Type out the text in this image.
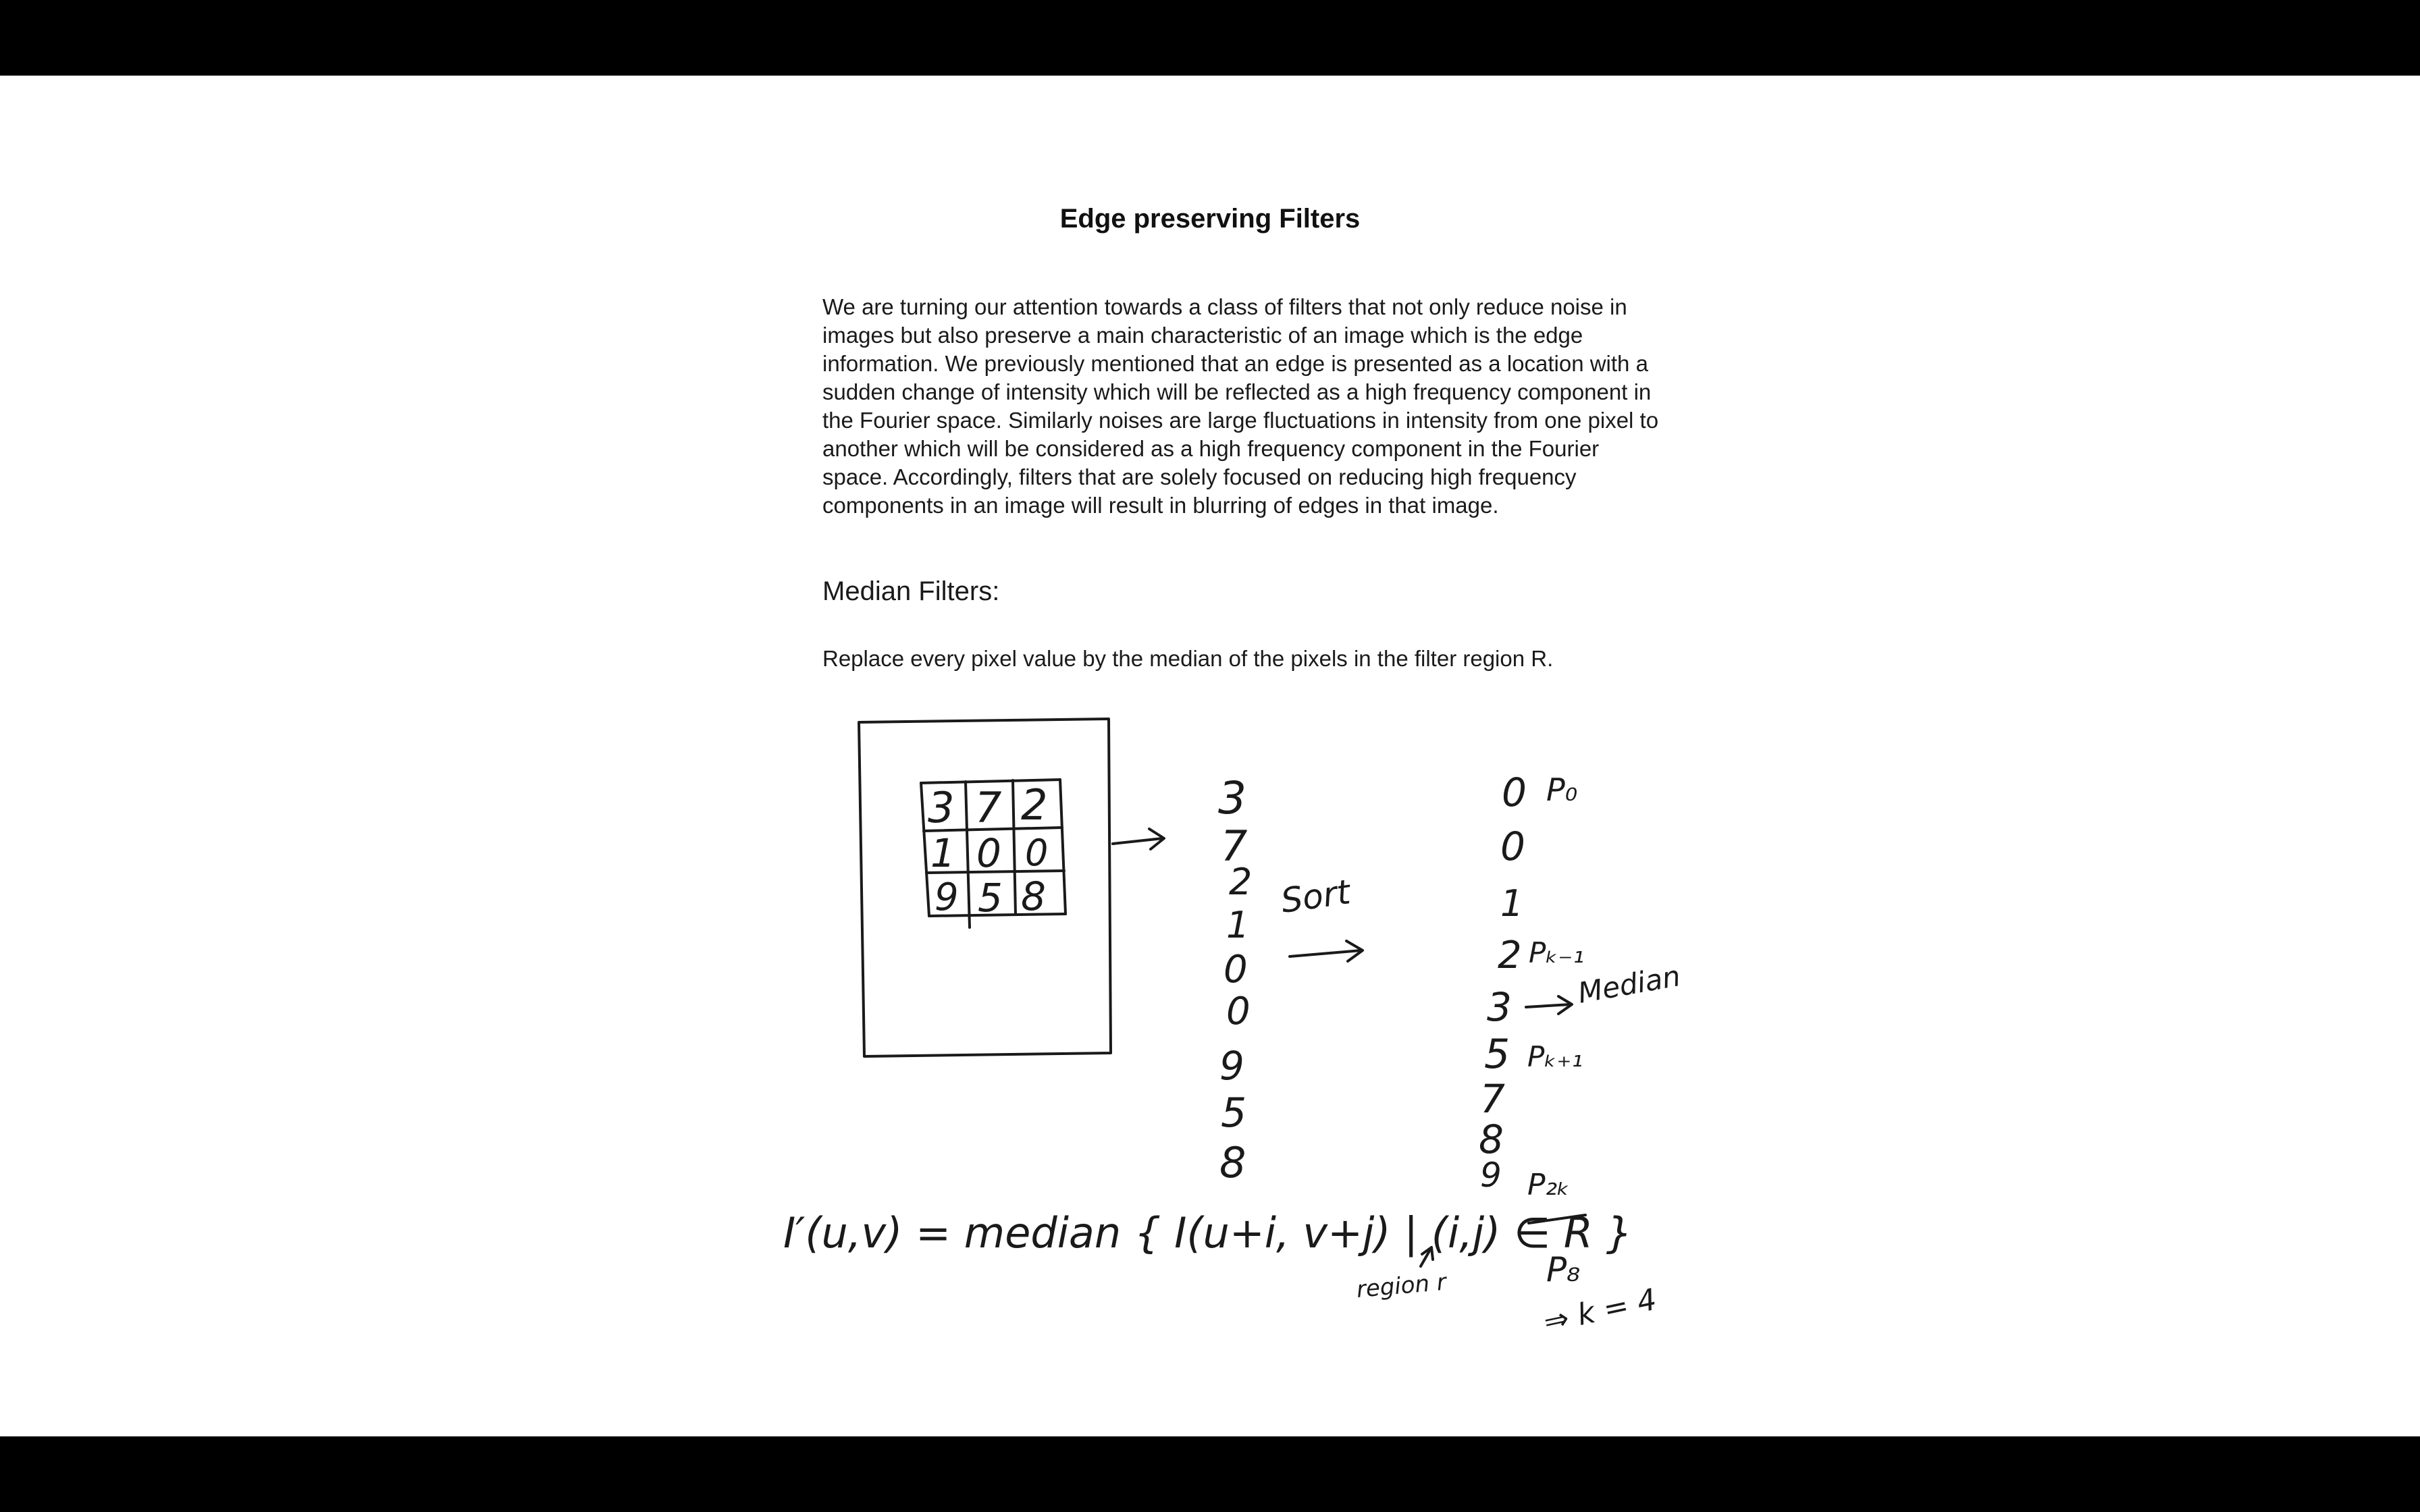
Edge preserving Filters

We are turning our attention towards a class of filters that not only reduce noise in images but also preserve a main characteristic of an image which is the edge information. We previously mentioned that an edge is presented as a location with a sudden change of intensity which will be reflected as a high frequency component in the Fourier space. Similarly noises are large fluctuations in intensity from one pixel to another which will be considered as a high frequency component in the Fourier space. Accordingly, filters that are solely focused on reducing high frequency components in an image will result in blurring of edges in that image.

Median Filters:

Replace every pixel value by the median of the pixels in the filter region R.

3 7 2
1 0 0
9 5 8
3
7
2
1
0
0
9
5
8
Sort
0
0
1
2
3
5
7
8
9
P₀
Pₖ₋₁
Median
Pₖ₊₁
P₂ₖ
P₈
⇒ k = 4
I′(u,v) = median { I(u+i, v+j) | (i,j) ∈ R }
region r
